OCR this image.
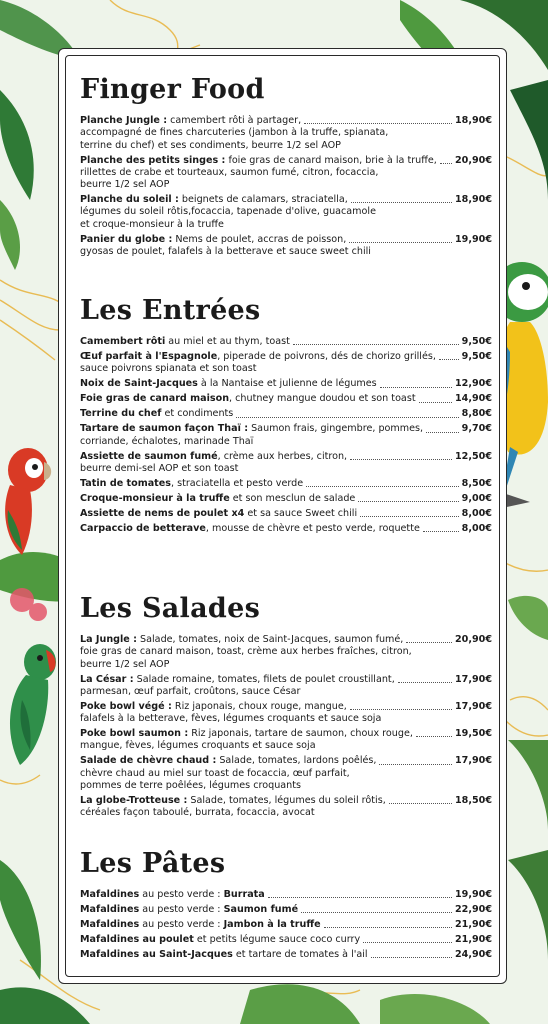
Finger Food
Planche Jungle : camembert rôti à partager,	18,90€
accompagné de fines charcuteries (jambon à la truffe, spianata,
terrine du chef) et ses condiments, beurre 1/2 sel AOP
Planche des petits singes : foie gras de canard maison, brie à la truffe, 20,90€
rillettes de crabe et tourteaux, saumon fumé, citron, focaccia,
beurre 1/2 sel AOP
Planche du soleil : beignets de calamars, straciatella,	18,90€
légumes du soleil rôtis,focaccia, tapenade d'olive, guacamole
et croque-monsieur à la truffe
Panier du globe : Nems de poulet, accras de poisson,	19,90€
gyosas de poulet, falafels à la betterave et sauce sweet chili
Les Entrées
Camembert rôti au miel et au thym, toast	9,50€
Œuf parfait à l'Espagnole, piperade de poivrons, dés de chorizo grillés,	9,50€
sauce poivrons spianata et son toast
Noix de Saint-Jacques à la Nantaise et julienne de légumes	12,90€
Foie gras de canard maison, chutney mangue doudou et son toast	14,90€
Terrine du chef et condiments	8,80€
Tartare de saumon façon Thaï : Saumon frais, gingembre, pommes,	9,70€
corriande, échalotes, marinade Thaï
Assiette de saumon fumé, crème aux herbes, citron,	12,50€
beurre demi-sel AOP et son toast
Tatin de tomates, straciatella et pesto verde	8,50€
Croque-monsieur à la truffe et son mesclun de salade	9,00€
Assiette de nems de poulet x4 et sa sauce Sweet chili	8,00€
Carpaccio de betterave, mousse de chèvre et pesto verde, roquette	8,00€
Les Salades
La Jungle : Salade, tomates, noix de Saint-Jacques, saumon fumé,	20,90€
foie gras de canard maison, toast, crème aux herbes fraîches, citron,
beurre 1/2 sel AOP
La César : Salade romaine, tomates, filets de poulet croustillant,	17,90€
parmesan, œuf parfait, croûtons, sauce César
Poke bowl végé : Riz japonais, choux rouge, mangue,	17,90€
falafels à la betterave, fèves, légumes croquants et sauce soja
Poke bowl saumon : Riz japonais, tartare de saumon, choux rouge,	19,50€
mangue, fèves, légumes croquants et sauce soja
Salade de chèvre chaud : Salade, tomates, lardons poêlés,	17,90€
chèvre chaud au miel sur toast de focaccia, œuf parfait,
pommes de terre poêlées, légumes croquants
La globe-Trotteuse : Salade, tomates, légumes du soleil rôtis,	18,50€
céréales façon taboulé, burrata, focaccia, avocat
Les Pâtes
Mafaldines au pesto verde : Burrata	19,90€
Mafaldines au pesto verde : Saumon fumé	22,90€
Mafaldines au pesto verde : Jambon à la truffe	21,90€
Mafaldines au poulet et petits légume sauce coco curry	21,90€
Mafaldines au Saint-Jacques et tartare de tomates à l'ail	24,90€
